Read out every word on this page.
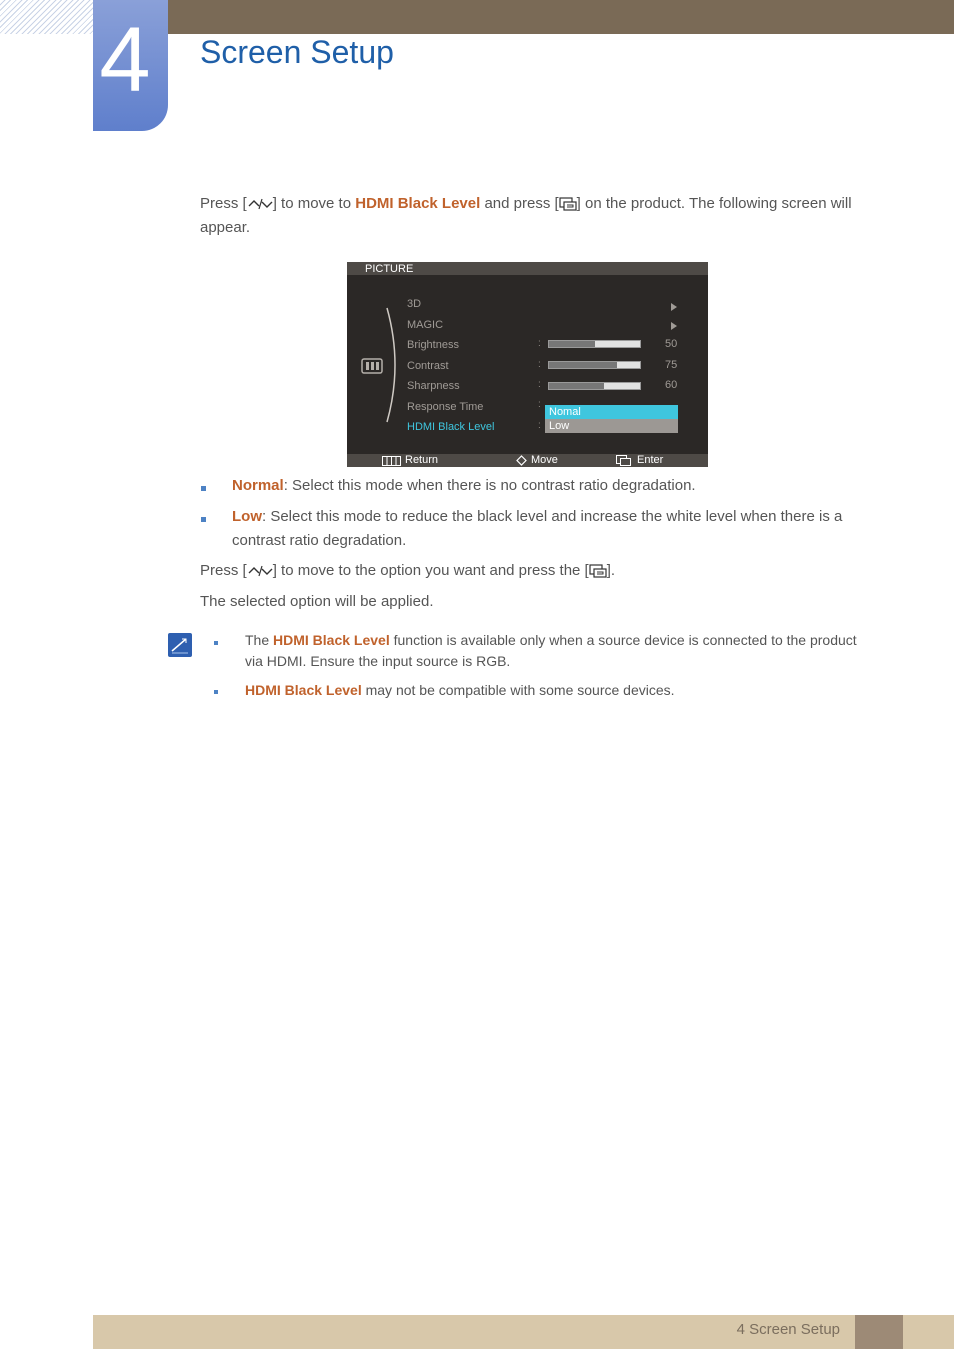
4 Screen Setup
Press [ ] to move to HDMI Black Level and press [ ] on the product. The following screen will appear.
PICTURE
3D
MAGIC
Brightness	:	50
Contrast	:	75
Sharpness	:	60
Response Time	:
HDMI Black Level	:
Nomal
Low
Return	Move	Enter
Normal: Select this mode when there is no contrast ratio degradation.
Low: Select this mode to reduce the black level and increase the white level when there is a contrast ratio degradation.
Press [ ] to move to the option you want and press the [ ].
The selected option will be applied.
The HDMI Black Level function is available only when a source device is connected to the product via HDMI. Ensure the input source is RGB.
HDMI Black Level may not be compatible with some source devices.
4 Screen Setup
